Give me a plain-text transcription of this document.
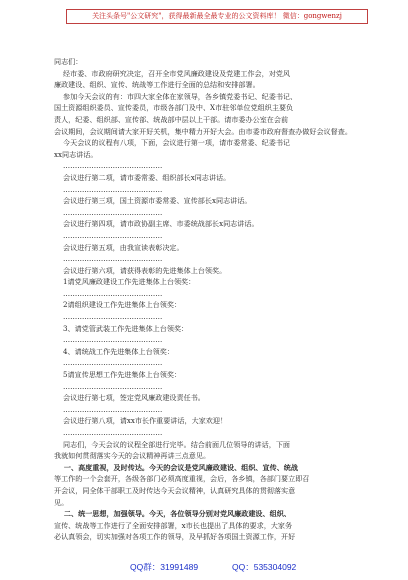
关注头条号"公文研究"，获得最新最全最专业的公文资料库！ 微信：gongwenzj
同志们：
经市委、市政府研究决定，召开全市党风廉政建设及党建工作会，对党风
廉政建设、组织、宣传、统战等工作进行全面的总结和安排部署。
参加今天会议的有：市四大家全体在家领导，各乡镇党委书记、纪委书记、
国土资源组织委员、宣传委员，市级各部门及中、X市驻邻单位党组织主要负
责人，纪委、组织部、宣传部、统战部中层以上干部。请市委办公室在会前
会议期间，会议期间请大家开好关机，集中精力开好大会。由市委市政府督查办做好会议督查。
今天会议的议程有八项，下面，会议进行第一项，请市委常委、纪委书记
xx同志讲话。
……………………………………
会议进行第二项，请市委常委、组织部长x同志讲话。
……………………………………
会议进行第三项，国土资源市委常委、宣传部长x同志讲话。
……………………………………
会议进行第四项，请市政协副主席、市委统战部长x同志讲话。
……………………………………
会议进行第五项，由我宣读表彰决定。
……………………………………
会议进行第六项，请获得表彰的先进集体上台领奖。
1请党风廉政建设工作先进集体上台领奖：
……………………………………
2请组织建设工作先进集体上台领奖：
……………………………………
3、请党管武装工作先进集体上台领奖：
……………………………………
4、请统战工作先进集体上台领奖：
……………………………………
5请宣传思想工作先进集体上台领奖：
……………………………………
会议进行第七项，签定党风廉政建设责任书。
……………………………………
会议进行第八项，请xx市长作重要讲话，大家欢迎！
……………………………………
同志们，今天会议的议程全部进行完毕。结合前面几位领导的讲话，下面
我就如何贯彻落实今天的会议精神再讲三点意见。
一、高度重视，及时传达。今天的会议是党风廉政建设、组织、宣传、统战
等工作的一个会套开，各级各部门必须高度重视，会后，各乡镇，各部门要立即召
开会议，同全体干部职工及时传达今天会议精神，认真研究具体的贯彻落实意
见。
二、统一思想，加强领导。今天，各位领导分别对党风廉政建设、组织、
宣传、统战等工作进行了全面安排部署，x市长也提出了具体的要求，大家务
必认真领会，切实加强对各项工作的领导，及早抓好各项国土资源工作，开好
QQ群：31991489	QQ：535304092
